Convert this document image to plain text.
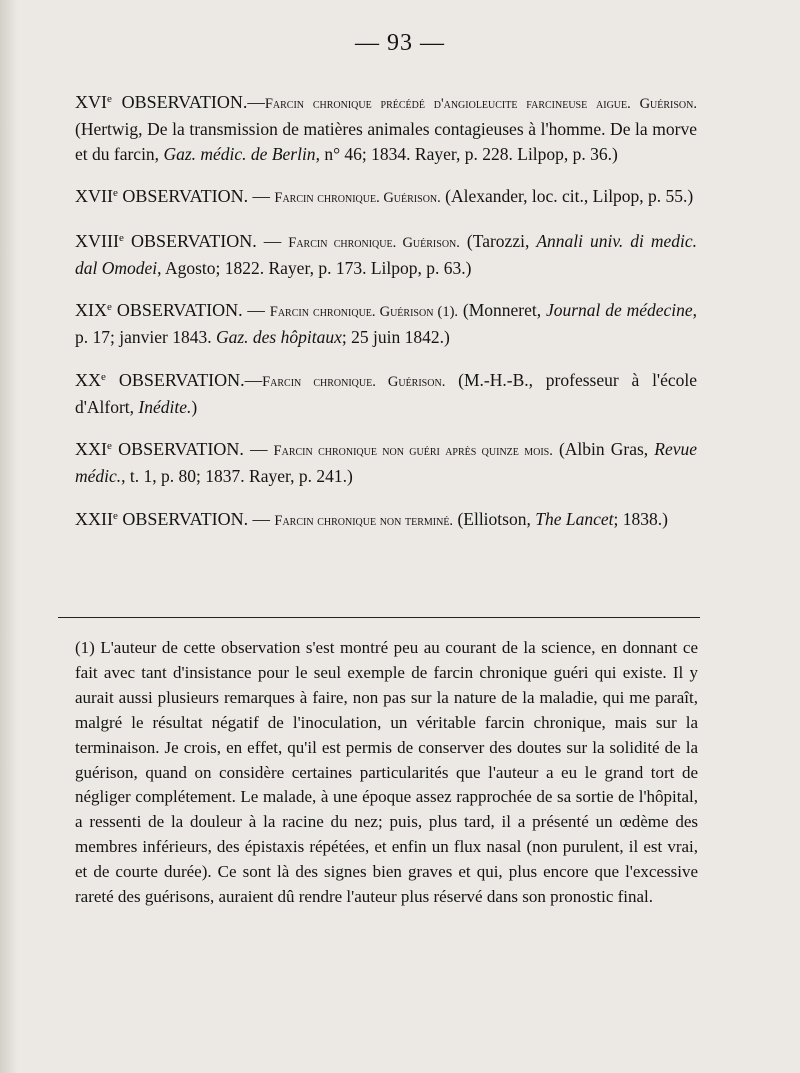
— 93 —

XVIe OBSERVATION.—Farcin chronique précédé d'angioleucite farcineuse aigue. Guérison. (Hertwig, De la transmission de matières animales contagieuses à l'homme. De la morve et du farcin, Gaz. médic. de Berlin, n° 46; 1834. Rayer, p. 228. Lilpop, p. 36.)

XVIIe OBSERVATION. — Farcin chronique. Guérison. (Alexander, loc. cit., Lilpop, p. 55.)

XVIIIe OBSERVATION. — Farcin chronique. Guérison. (Tarozzi, Annali univ. di medic. dal Omodei, Agosto; 1822. Rayer, p. 173. Lilpop, p. 63.)

XIXe OBSERVATION. — Farcin chronique. Guérison (1). (Monneret, Journal de médecine, p. 17; janvier 1843. Gaz. des hôpitaux; 25 juin 1842.)

XXe OBSERVATION.—Farcin chronique. Guérison. (M.-H.-B., professeur à l'école d'Alfort, Inédite.)

XXIe OBSERVATION. — Farcin chronique non guéri après quinze mois. (Albin Gras, Revue médic., t. 1, p. 80; 1837. Rayer, p. 241.)

XXIIe OBSERVATION. — Farcin chronique non terminé. (Elliotson, The Lancet; 1838.)

(1) L'auteur de cette observation s'est montré peu au courant de la science, en donnant ce fait avec tant d'insistance pour le seul exemple de farcin chronique guéri qui existe. Il y aurait aussi plusieurs remarques à faire, non pas sur la nature de la maladie, qui me paraît, malgré le résultat négatif de l'inoculation, un véritable farcin chronique, mais sur la terminaison. Je crois, en effet, qu'il est permis de conserver des doutes sur la solidité de la guérison, quand on considère certaines particularités que l'auteur a eu le grand tort de négliger complétement. Le malade, à une époque assez rapprochée de sa sortie de l'hôpital, a ressenti de la douleur à la racine du nez; puis, plus tard, il a présenté un œdème des membres inférieurs, des épistaxis répétées, et enfin un flux nasal (non purulent, il est vrai, et de courte durée). Ce sont là des signes bien graves et qui, plus encore que l'excessive rareté des guérisons, auraient dû rendre l'auteur plus réservé dans son pronostic final.
